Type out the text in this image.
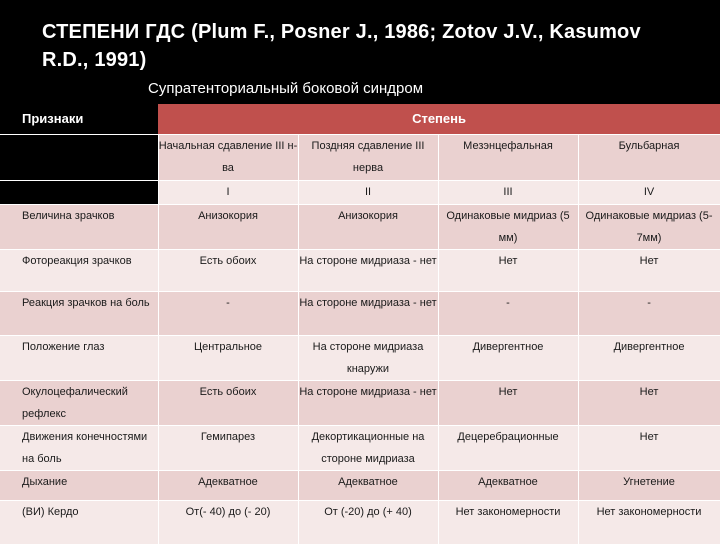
СТЕПЕНИ ГДС (Plum F., Posner J., 1986; Zotov J.V., Kasumov R.D., 1991)
Супратенториальный боковой синдром
Признаки	Степень			
	Начальная сдавление III н-ва	Поздняя сдавление III нерва	Мезэнцефальная	Бульбарная
	I	II	III	IV
Величина зрачков	Анизокория	Анизокория	Одинаковые мидриаз (5 мм)	Одинаковые мидриаз (5-7мм)
Фотореакция зрачков	Есть обоих	На стороне мидриаза - нет	Нет	Нет
Реакция зрачков на боль	-	На стороне мидриаза - нет	-	-
Положение глаз	Центральное	На стороне мидриаза кнаружи	Дивергентное	Дивергентное
Окулоцефалический рефлекс	Есть обоих	На стороне мидриаза - нет	Нет	Нет
Движения конечностями на боль	Гемипарез	Декортикационные на стороне мидриаза	Децеребрационные	Нет
Дыхание	Адекватное	Адекватное	Адекватное	Угнетение
(ВИ) Кердо	От(- 40) до (- 20)	От (-20) до (+ 40)	Нет закономерности	Нет закономерности
